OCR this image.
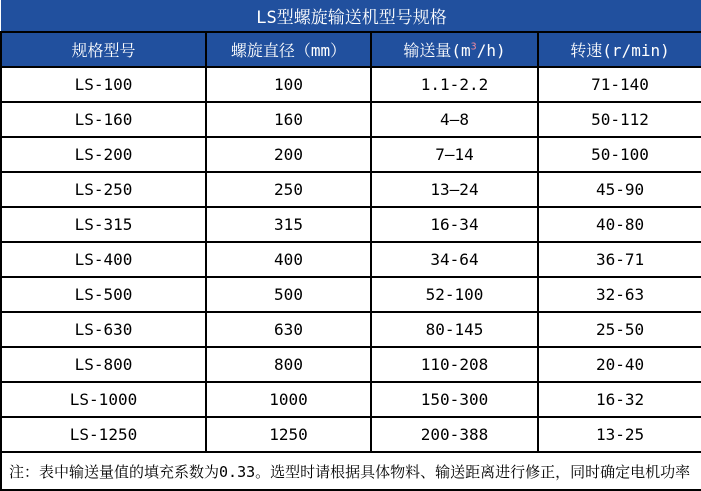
LS型螺旋输送机型号规格			
规格型号	螺旋直径（mm）	输送量$(m^3/h)$	转速(r/min)
LS-100	100	1.1-2.2	71-140
LS-160	160	4—8	50-112
LS-200	200	7—14	50-100
LS-250	250	13—24	45-90
LS-315	315	16-34	40-80
LS-400	400	34-64	36-71
LS-500	500	52-100	32-63
LS-630	630	80-145	25-50
LS-800	800	110-208	20-40
LS-1000	1000	150-300	16-32
LS-1250	1250	200-388	13-25
注：表中输送量值的填充系数为0.33。选型时请根据具体物料、输送距离进行修正，同时确定电机功率			
